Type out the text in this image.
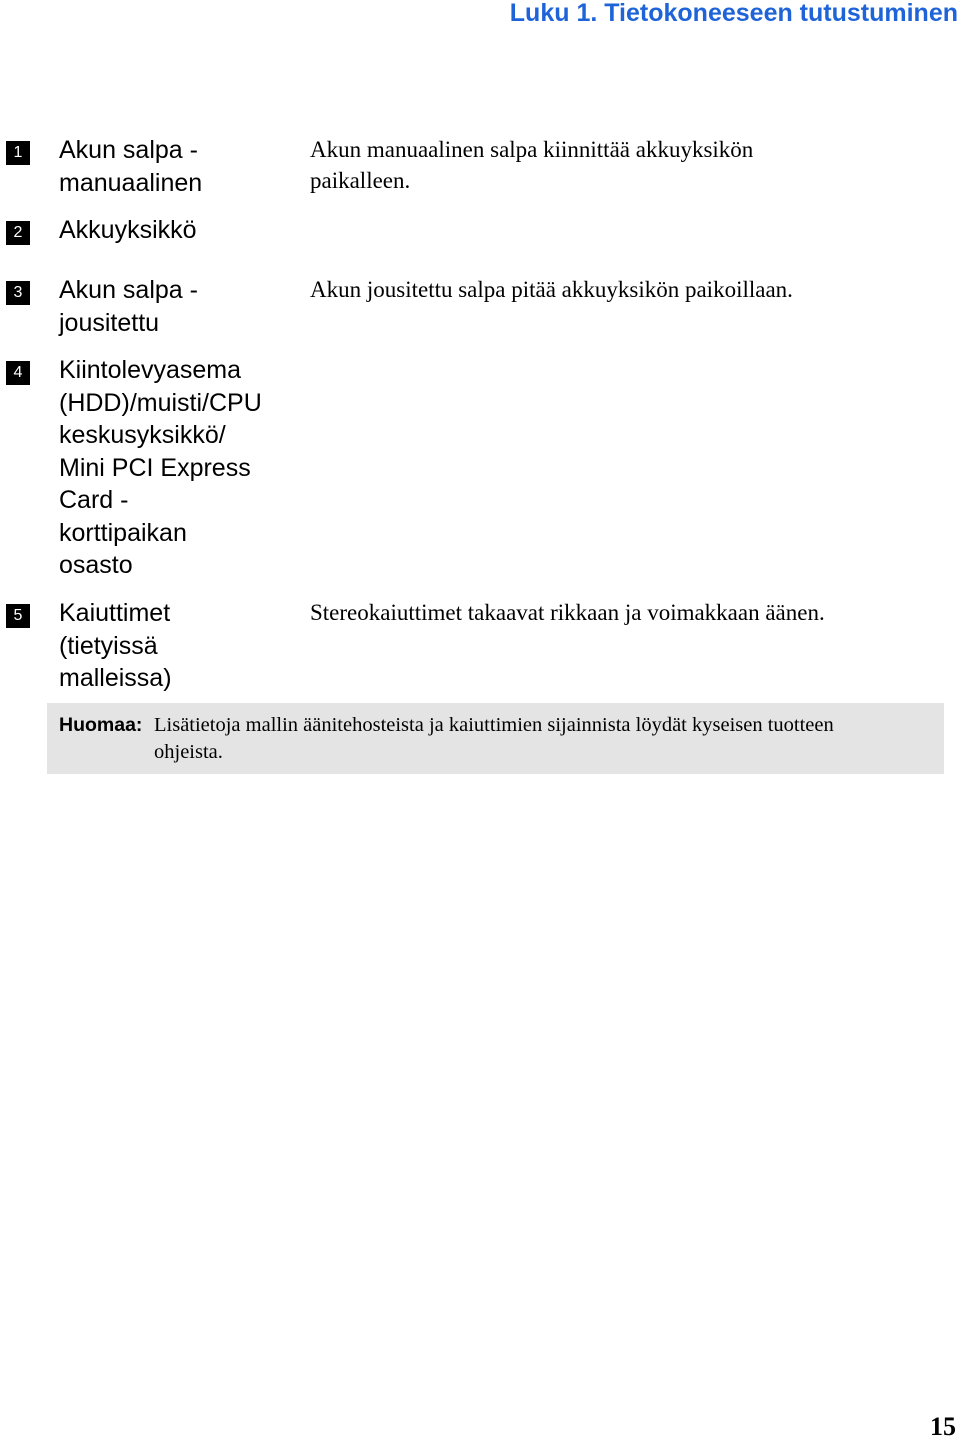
Luku 1. Tietokoneeseen tutustuminen
1	Akun salpa -
manuaalinen
Akun manuaalinen salpa kiinnittää akkuyksikön
paikalleen.
2	Akkuyksikkö
3	Akun salpa -
jousitettu
Akun jousitettu salpa pitää akkuyksikön paikoillaan.
4	Kiintolevyasema
(HDD)/muisti/CPU
keskusyksikkö/
Mini PCI Express
Card -
korttipaikan
osasto
5	Kaiuttimet
(tietyissä
malleissa)
Stereokaiuttimet takaavat rikkaan ja voimakkaan äänen.
Huomaa: Lisätietoja mallin äänitehosteista ja kaiuttimien sijainnista löydät kyseisen tuotteen
ohjeista.
15
